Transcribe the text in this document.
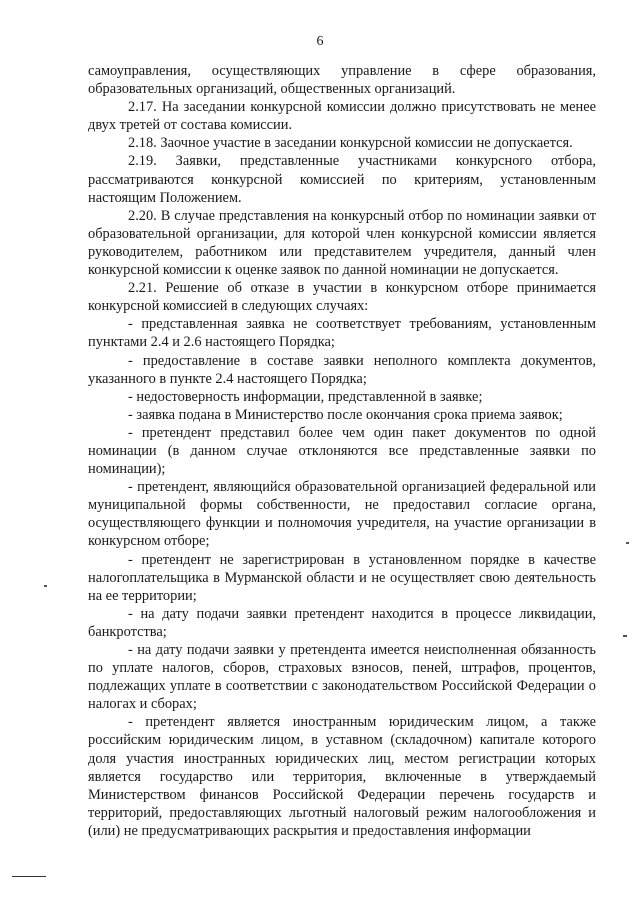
6

самоуправления, осуществляющих управление в сфере образования, образовательных организаций, общественных организаций.

2.17. На заседании конкурсной комиссии должно присутствовать не менее двух третей от состава комиссии.

2.18. Заочное участие в заседании конкурсной комиссии не допускается.

2.19. Заявки, представленные участниками конкурсного отбора, рассматриваются конкурсной комиссией по критериям, установленным настоящим Положением.

2.20. В случае представления на конкурсный отбор по номинации заявки от образовательной организации, для которой член конкурсной комиссии является руководителем, работником или представителем учредителя, данный член конкурсной комиссии к оценке заявок по данной номинации не допускается.

2.21. Решение об отказе в участии в конкурсном отборе принимается конкурсной комиссией в следующих случаях:

- представленная заявка не соответствует требованиям, установленным пунктами 2.4 и 2.6 настоящего Порядка;

- предоставление в составе заявки неполного комплекта документов, указанного в пункте 2.4 настоящего Порядка;

- недостоверность информации, представленной в заявке;

- заявка подана в Министерство после окончания срока приема заявок;

- претендент представил более чем один пакет документов по одной номинации (в данном случае отклоняются все представленные заявки по номинации);

- претендент, являющийся образовательной организацией федеральной или муниципальной формы собственности, не предоставил согласие органа, осуществляющего функции и полномочия учредителя, на участие организации в конкурсном отборе;

- претендент не зарегистрирован в установленном порядке в качестве налогоплательщика в Мурманской области и не осуществляет свою деятельность на ее территории;

- на дату подачи заявки претендент находится в процессе ликвидации, банкротства;

- на дату подачи заявки у претендента имеется неисполненная обязанность по уплате налогов, сборов, страховых взносов, пеней, штрафов, процентов, подлежащих уплате в соответствии с законодательством Российской Федерации о налогах и сборах;

- претендент является иностранным юридическим лицом, а также российским юридическим лицом, в уставном (складочном) капитале которого доля участия иностранных юридических лиц, местом регистрации которых является государство или территория, включенные в утверждаемый Министерством финансов Российской Федерации перечень государств и территорий, предоставляющих льготный налоговый режим налогообложения и (или) не предусматривающих раскрытия и предоставления информации
